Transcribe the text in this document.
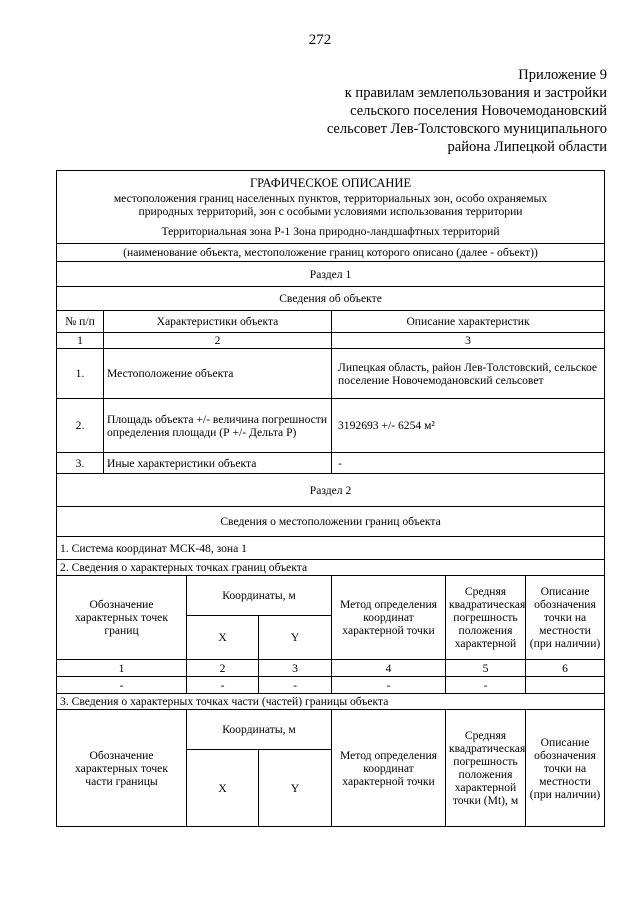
272
Приложение 9
к правилам землепользования и застройки
сельского поселения Новочемодановский
сельсовет Лев-Толстовского муниципального
района Липецкой области
ГРАФИЧЕСКОЕ ОПИСАНИЕ
местоположения границ населенных пунктов, территориальных зон, особо охраняемых
природных территорий, зон с особыми условиями использования территории
Территориальная зона Р-1 Зона природно-ландшафтных территорий						

(наименование объекта, местоположение границ которого описано (далее - объект))						
Раздел 1						
Сведения об объекте						
№ п/п	Характеристики объекта			Описание характеристик		
1	2			3		
1.	Местоположение объекта			Липецкая область, район Лев-Толстовский, сельское поселение Новочемодановский сельсовет		
2.	Площадь объекта +/- величина погрешности определения площади (Р +/- Дельта Р)			3192693 +/- 6254 м²		
3.	Иные характеристики объекта			-		
Раздел 2						
Сведения о местоположении границ объекта						
1. Система координат МСК-48, зона 1						
2. Сведения о характерных точках границ объекта						
Обозначение характерных точек границ		Координаты, м		Метод определения координат характерной точки	Средняя квадратическая погрешность положения характерной	Описание обозначения точки на местности (при наличии)
		X	Y			
1		2	3	4	5	6
-		-	-	-	-	
3. Сведения о характерных точках части (частей) границы объекта						
Обозначение характерных точек части границы		Координаты, м		Метод определения координат характерной точки	Средняя квадратическая погрешность положения характерной точки (Mt), м	Описание обозначения точки на местности (при наличии)
		X	Y			
